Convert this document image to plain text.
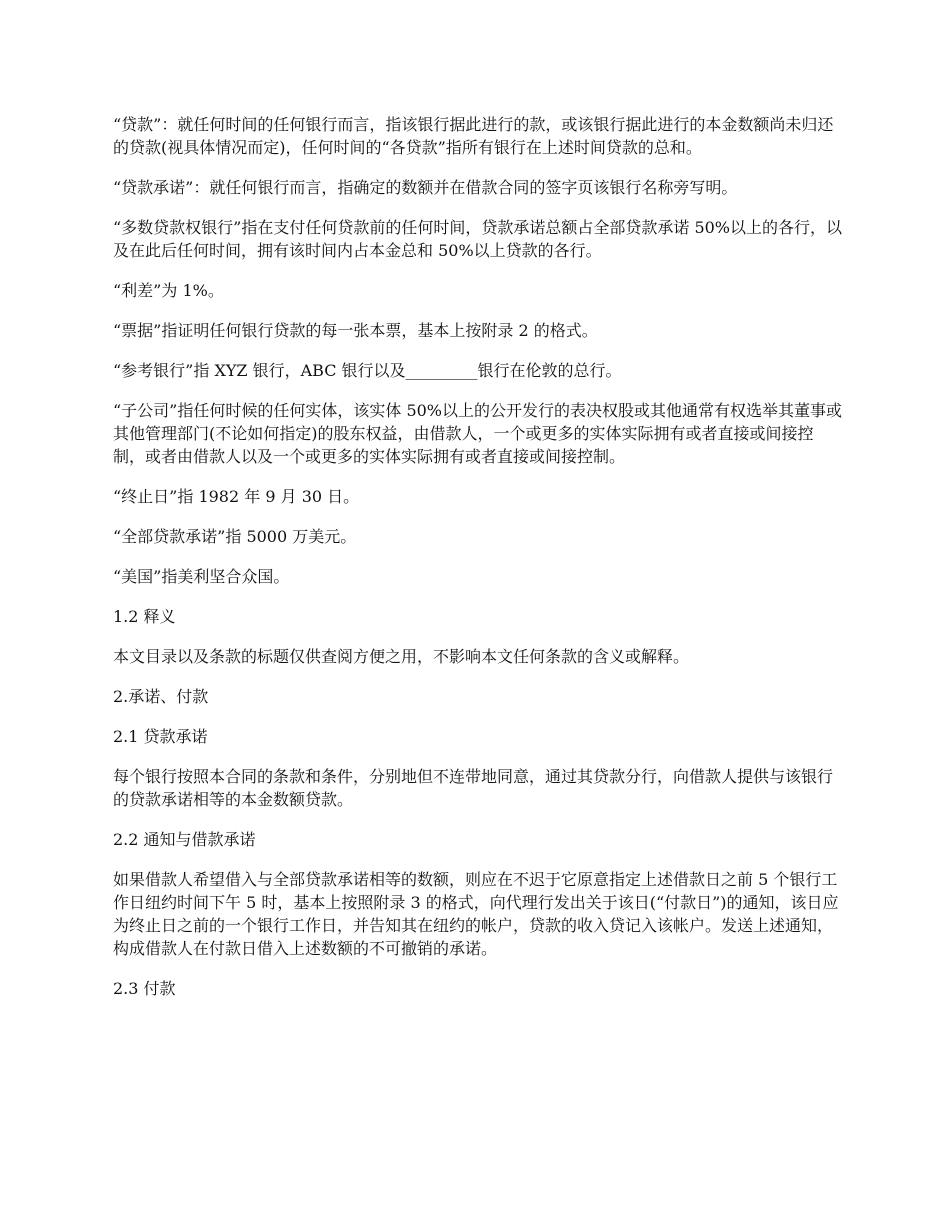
“贷款”：就任何时间的任何银行而言，指该银行据此进行的款，或该银行据此进行的本金数额尚未归还的贷款(视具体情况而定)，任何时间的“各贷款”指所有银行在上述时间贷款的总和。

“贷款承诺”：就任何银行而言，指确定的数额并在借款合同的签字页该银行名称旁写明。

“多数贷款权银行”指在支付任何贷款前的任何时间，贷款承诺总额占全部贷款承诺 50%以上的各行，以及在此后任何时间，拥有该时间内占本金总和 50%以上贷款的各行。

“利差”为 1%。

“票据”指证明任何银行贷款的每一张本票，基本上按附录 2 的格式。

“参考银行”指 XYZ 银行，ABC 银行以及_________银行在伦敦的总行。

“子公司”指任何时候的任何实体，该实体 50%以上的公开发行的表决权股或其他通常有权选举其董事或其他管理部门(不论如何指定)的股东权益，由借款人，一个或更多的实体实际拥有或者直接或间接控制，或者由借款人以及一个或更多的实体实际拥有或者直接或间接控制。

“终止日”指 1982 年 9 月 30 日。

“全部贷款承诺”指 5000 万美元。

“美国”指美利坚合众国。

1.2 释义

本文目录以及条款的标题仅供查阅方便之用，不影响本文任何条款的含义或解释。

2.承诺、付款

2.1 贷款承诺

每个银行按照本合同的条款和条件，分别地但不连带地同意，通过其贷款分行，向借款人提供与该银行的贷款承诺相等的本金数额贷款。

2.2 通知与借款承诺

如果借款人希望借入与全部贷款承诺相等的数额，则应在不迟于它原意指定上述借款日之前 5 个银行工作日纽约时间下午 5 时，基本上按照附录 3 的格式，向代理行发出关于该日(“付款日”)的通知，该日应为终止日之前的一个银行工作日，并告知其在纽约的帐户，贷款的收入贷记入该帐户。发送上述通知，构成借款人在付款日借入上述数额的不可撤销的承诺。

2.3 付款
